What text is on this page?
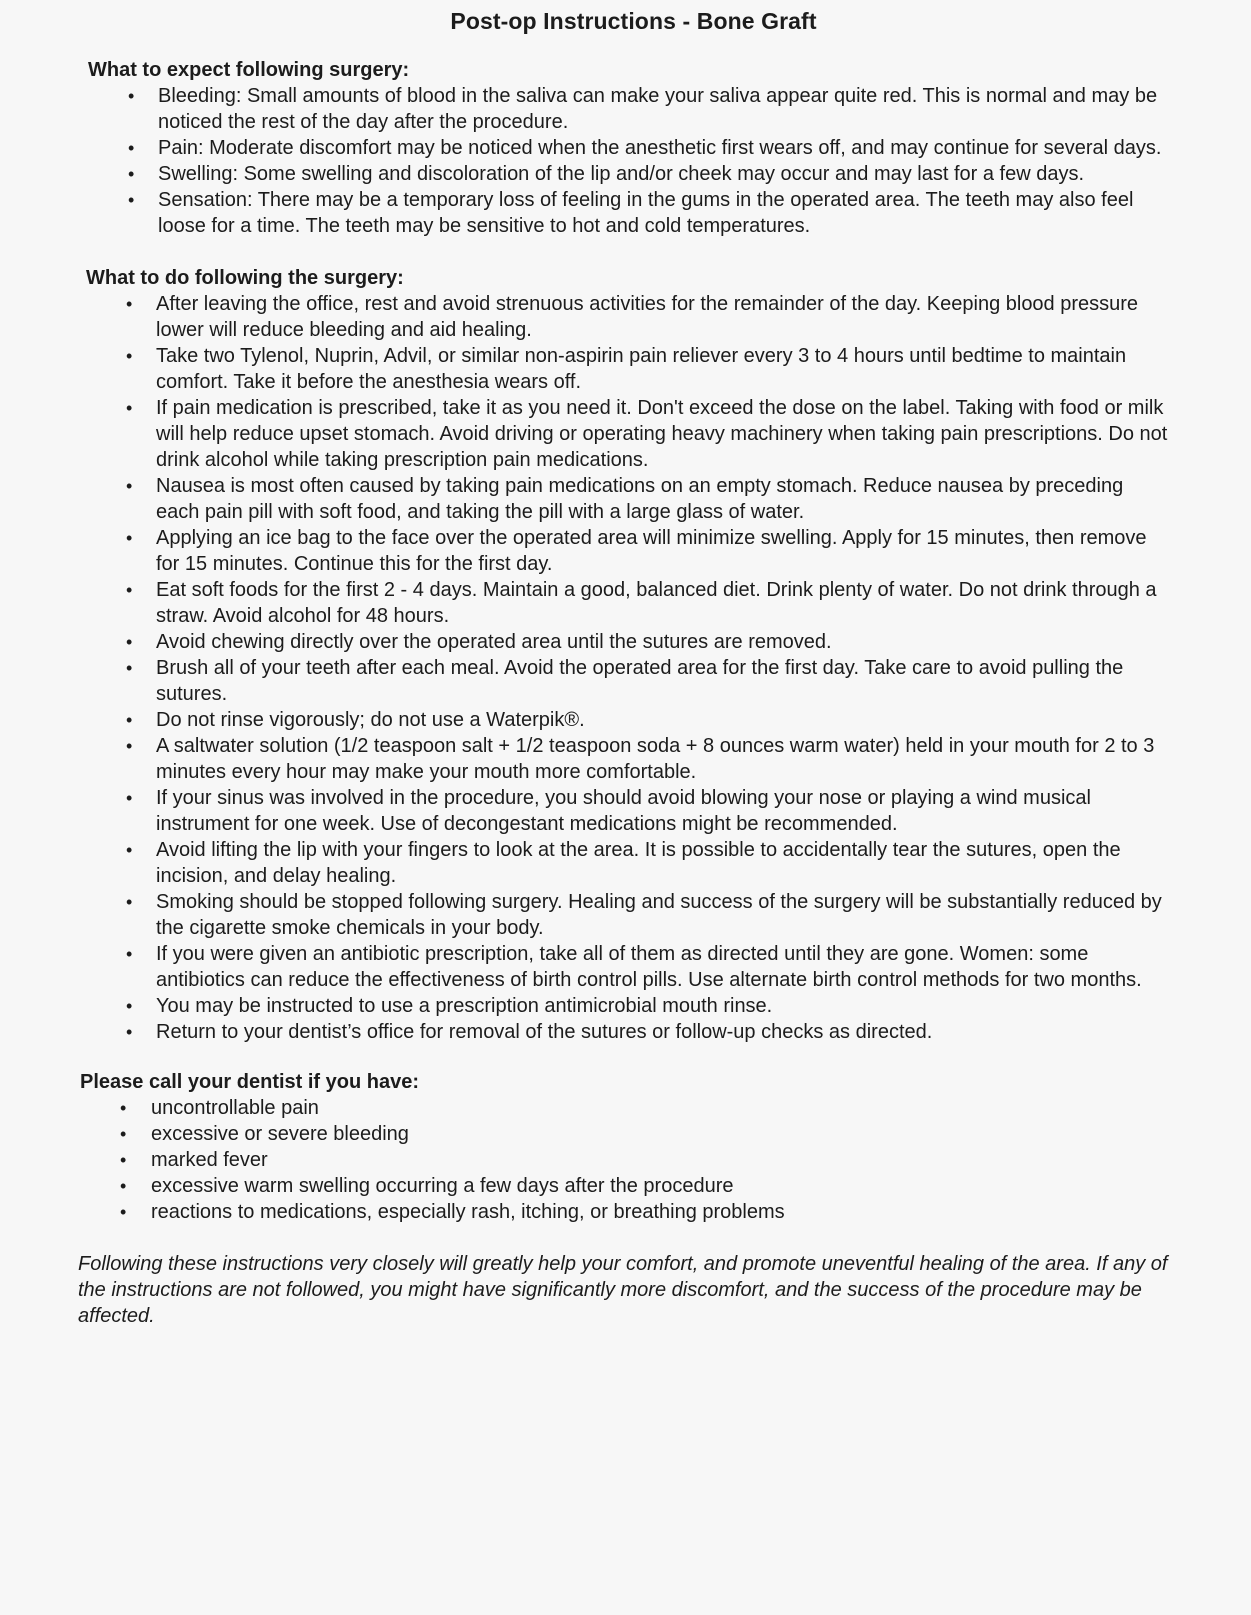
Post-op Instructions - Bone Graft
What to expect following surgery:
• Bleeding: Small amounts of blood in the saliva can make your saliva appear quite red. This is normal and may be noticed the rest of the day after the procedure.
• Pain: Moderate discomfort may be noticed when the anesthetic first wears off, and may continue for several days.
• Swelling: Some swelling and discoloration of the lip and/or cheek may occur and may last for a few days.
• Sensation: There may be a temporary loss of feeling in the gums in the operated area. The teeth may also feel loose for a time. The teeth may be sensitive to hot and cold temperatures.
What to do following the surgery:
• After leaving the office, rest and avoid strenuous activities for the remainder of the day. Keeping blood pressure lower will reduce bleeding and aid healing.
• Take two Tylenol, Nuprin, Advil, or similar non-aspirin pain reliever every 3 to 4 hours until bedtime to maintain comfort. Take it before the anesthesia wears off.
• If pain medication is prescribed, take it as you need it. Don't exceed the dose on the label. Taking with food or milk will help reduce upset stomach. Avoid driving or operating heavy machinery when taking pain prescriptions. Do not drink alcohol while taking prescription pain medications.
• Nausea is most often caused by taking pain medications on an empty stomach. Reduce nausea by preceding each pain pill with soft food, and taking the pill with a large glass of water.
• Applying an ice bag to the face over the operated area will minimize swelling. Apply for 15 minutes, then remove for 15 minutes. Continue this for the first day.
• Eat soft foods for the first 2 - 4 days. Maintain a good, balanced diet. Drink plenty of water. Do not drink through a straw. Avoid alcohol for 48 hours.
• Avoid chewing directly over the operated area until the sutures are removed.
• Brush all of your teeth after each meal. Avoid the operated area for the first day. Take care to avoid pulling the sutures.
• Do not rinse vigorously; do not use a Waterpik®.
• A saltwater solution (1/2 teaspoon salt + 1/2 teaspoon soda + 8 ounces warm water) held in your mouth for 2 to 3 minutes every hour may make your mouth more comfortable.
• If your sinus was involved in the procedure, you should avoid blowing your nose or playing a wind musical instrument for one week. Use of decongestant medications might be recommended.
• Avoid lifting the lip with your fingers to look at the area. It is possible to accidentally tear the sutures, open the incision, and delay healing.
• Smoking should be stopped following surgery. Healing and success of the surgery will be substantially reduced by the cigarette smoke chemicals in your body.
• If you were given an antibiotic prescription, take all of them as directed until they are gone. Women: some antibiotics can reduce the effectiveness of birth control pills. Use alternate birth control methods for two months.
• You may be instructed to use a prescription antimicrobial mouth rinse.
• Return to your dentist’s office for removal of the sutures or follow-up checks as directed.
Please call your dentist if you have:
• uncontrollable pain
• excessive or severe bleeding
• marked fever
• excessive warm swelling occurring a few days after the procedure
• reactions to medications, especially rash, itching, or breathing problems

Following these instructions very closely will greatly help your comfort, and promote uneventful healing of the area. If any of the instructions are not followed, you might have significantly more discomfort, and the success of the procedure may be affected.
